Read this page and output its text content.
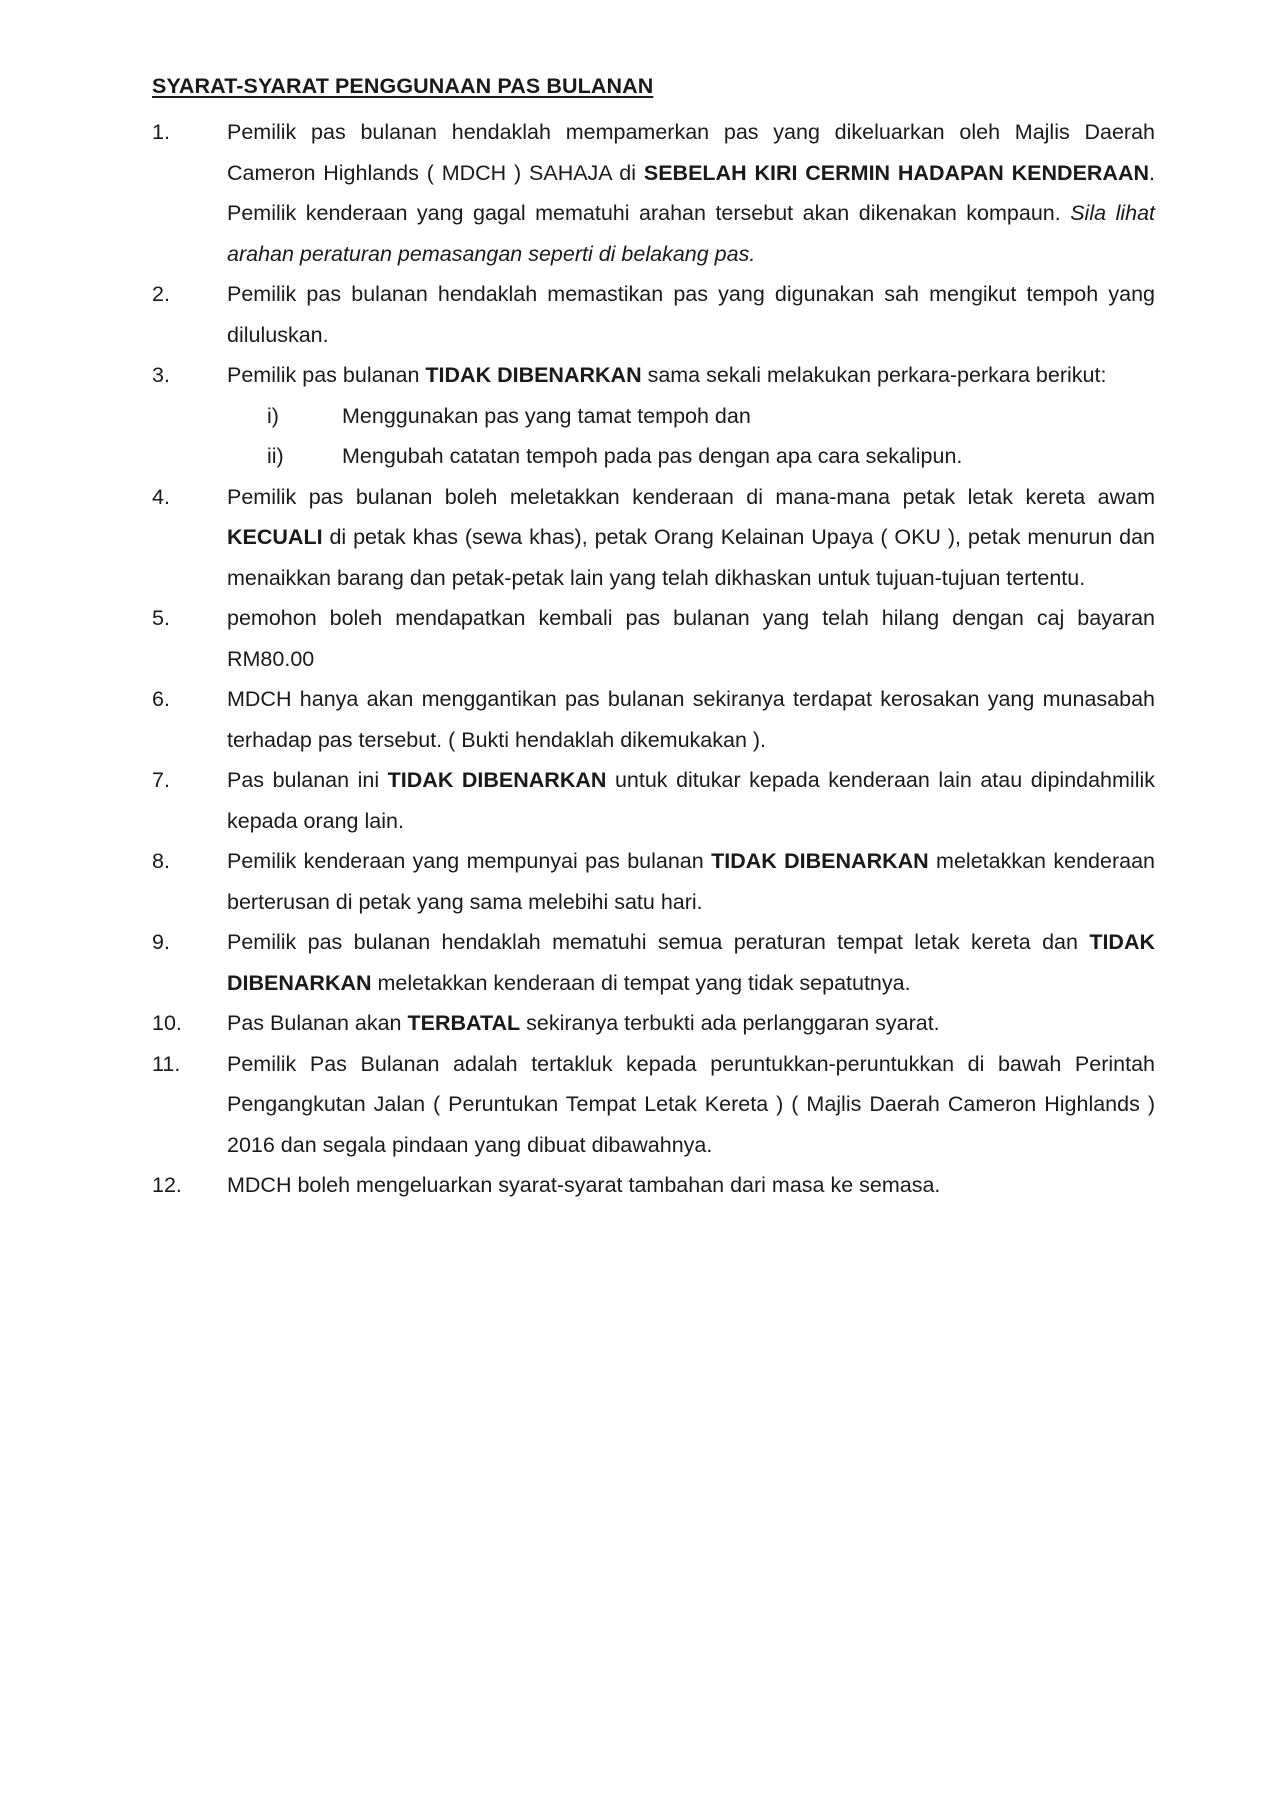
SYARAT-SYARAT PENGGUNAAN PAS BULANAN
1.	Pemilik pas bulanan hendaklah mempamerkan pas yang dikeluarkan oleh Majlis Daerah Cameron Highlands ( MDCH ) SAHAJA di SEBELAH KIRI CERMIN HADAPAN KENDERAAN. Pemilik kenderaan yang gagal mematuhi arahan tersebut akan dikenakan kompaun. Sila lihat arahan peraturan pemasangan seperti di belakang pas.
2.	Pemilik pas bulanan hendaklah memastikan pas yang digunakan sah mengikut tempoh yang diluluskan.
3.	Pemilik pas bulanan TIDAK DIBENARKAN sama sekali melakukan perkara-perkara berikut:
i)	Menggunakan pas yang tamat tempoh dan
ii)	Mengubah catatan tempoh pada pas dengan apa cara sekalipun.
4.	Pemilik pas bulanan boleh meletakkan kenderaan di mana-mana petak letak kereta awam KECUALI di petak khas (sewa khas), petak Orang Kelainan Upaya ( OKU ), petak menurun dan menaikkan barang dan petak-petak lain yang telah dikhaskan untuk tujuan-tujuan tertentu.
5.	pemohon boleh mendapatkan kembali pas bulanan yang telah hilang dengan caj bayaran RM80.00
6.	MDCH hanya akan menggantikan pas bulanan sekiranya terdapat kerosakan yang munasabah terhadap pas tersebut. ( Bukti hendaklah dikemukakan ).
7.	Pas bulanan ini TIDAK DIBENARKAN untuk ditukar kepada kenderaan lain atau dipindahmilik kepada orang lain.
8.	Pemilik kenderaan yang mempunyai pas bulanan TIDAK DIBENARKAN meletakkan kenderaan berterusan di petak yang sama melebihi satu hari.
9.	Pemilik pas bulanan hendaklah mematuhi semua peraturan tempat letak kereta dan TIDAK DIBENARKAN meletakkan kenderaan di tempat yang tidak sepatutnya.
10. Pas Bulanan akan TERBATAL sekiranya terbukti ada perlanggaran syarat.
11. Pemilik Pas Bulanan adalah tertakluk kepada peruntukkan-peruntukkan di bawah Perintah Pengangkutan Jalan ( Peruntukan Tempat Letak Kereta ) ( Majlis Daerah Cameron Highlands ) 2016 dan segala pindaan yang dibuat dibawahnya.
12. MDCH boleh mengeluarkan syarat-syarat tambahan dari masa ke semasa.
